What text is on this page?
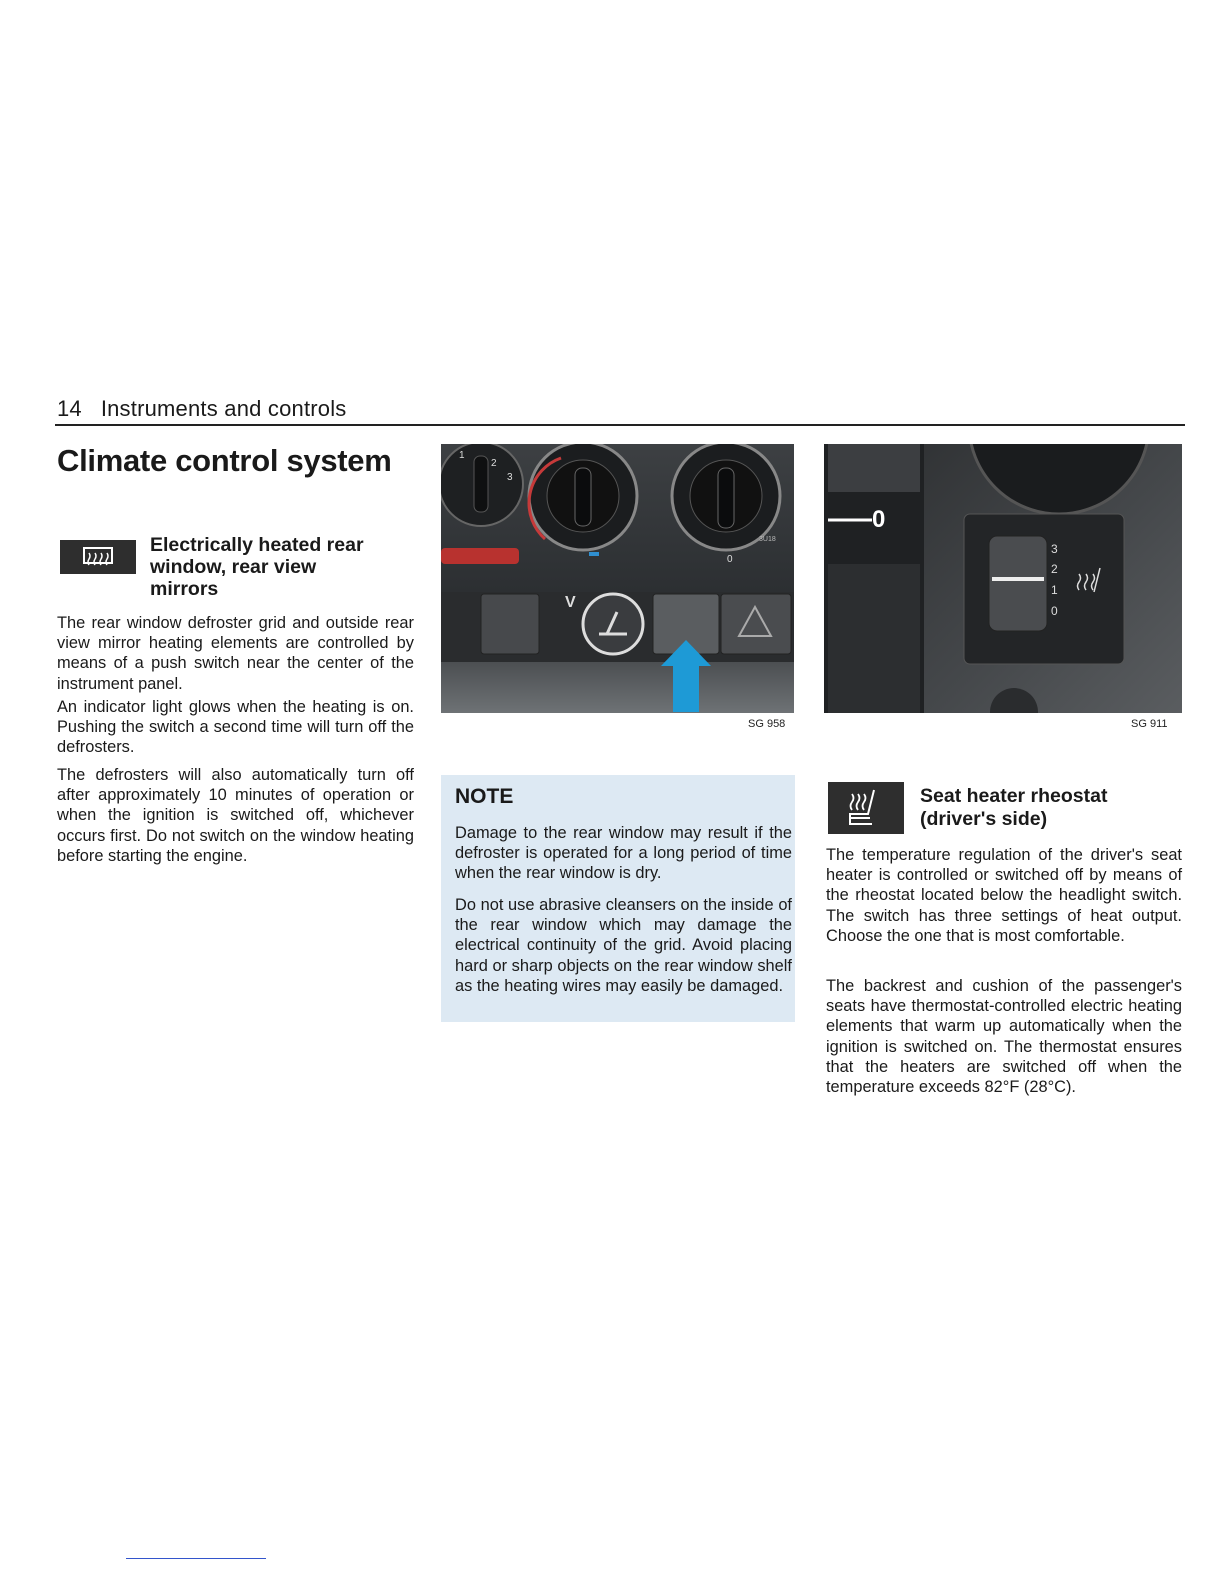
14 Instruments and controls
Climate control system
Electrically heated rear
window, rear view
mirrors

The rear window defroster grid and outside rear view mirror heating elements are controlled by means of a push switch near the center of the instrument panel.

An indicator light glows when the heating is on. Pushing the switch a second time will turn off the defrosters.

The defrosters will also automatically turn off after approximately 10 minutes of operation or when the ignition is switched off, whichever occurs first. Do not switch on the window heating before starting the engine.

1
2
3
3U18
0
V
SG 958
0
3
2
1
0
SG 911
NOTE

Damage to the rear window may result if the defroster is operated for a long period of time when the rear window is dry.

Do not use abrasive cleansers on the inside of the rear window which may damage the electrical continuity of the grid. Avoid placing hard or sharp objects on the rear window shelf as the heating wires may easily be damaged.

Seat heater rheostat
(driver's side)

The temperature regulation of the driver's seat heater is controlled or switched off by means of the rheostat located below the headlight switch. The switch has three settings of heat output. Choose the one that is most comfortable.

The backrest and cushion of the passenger's seats have thermostat-controlled electric heating elements that warm up automatically when the ignition is switched on. The thermostat ensures that the heaters are switched off when the temperature exceeds 82°F (28°C).
